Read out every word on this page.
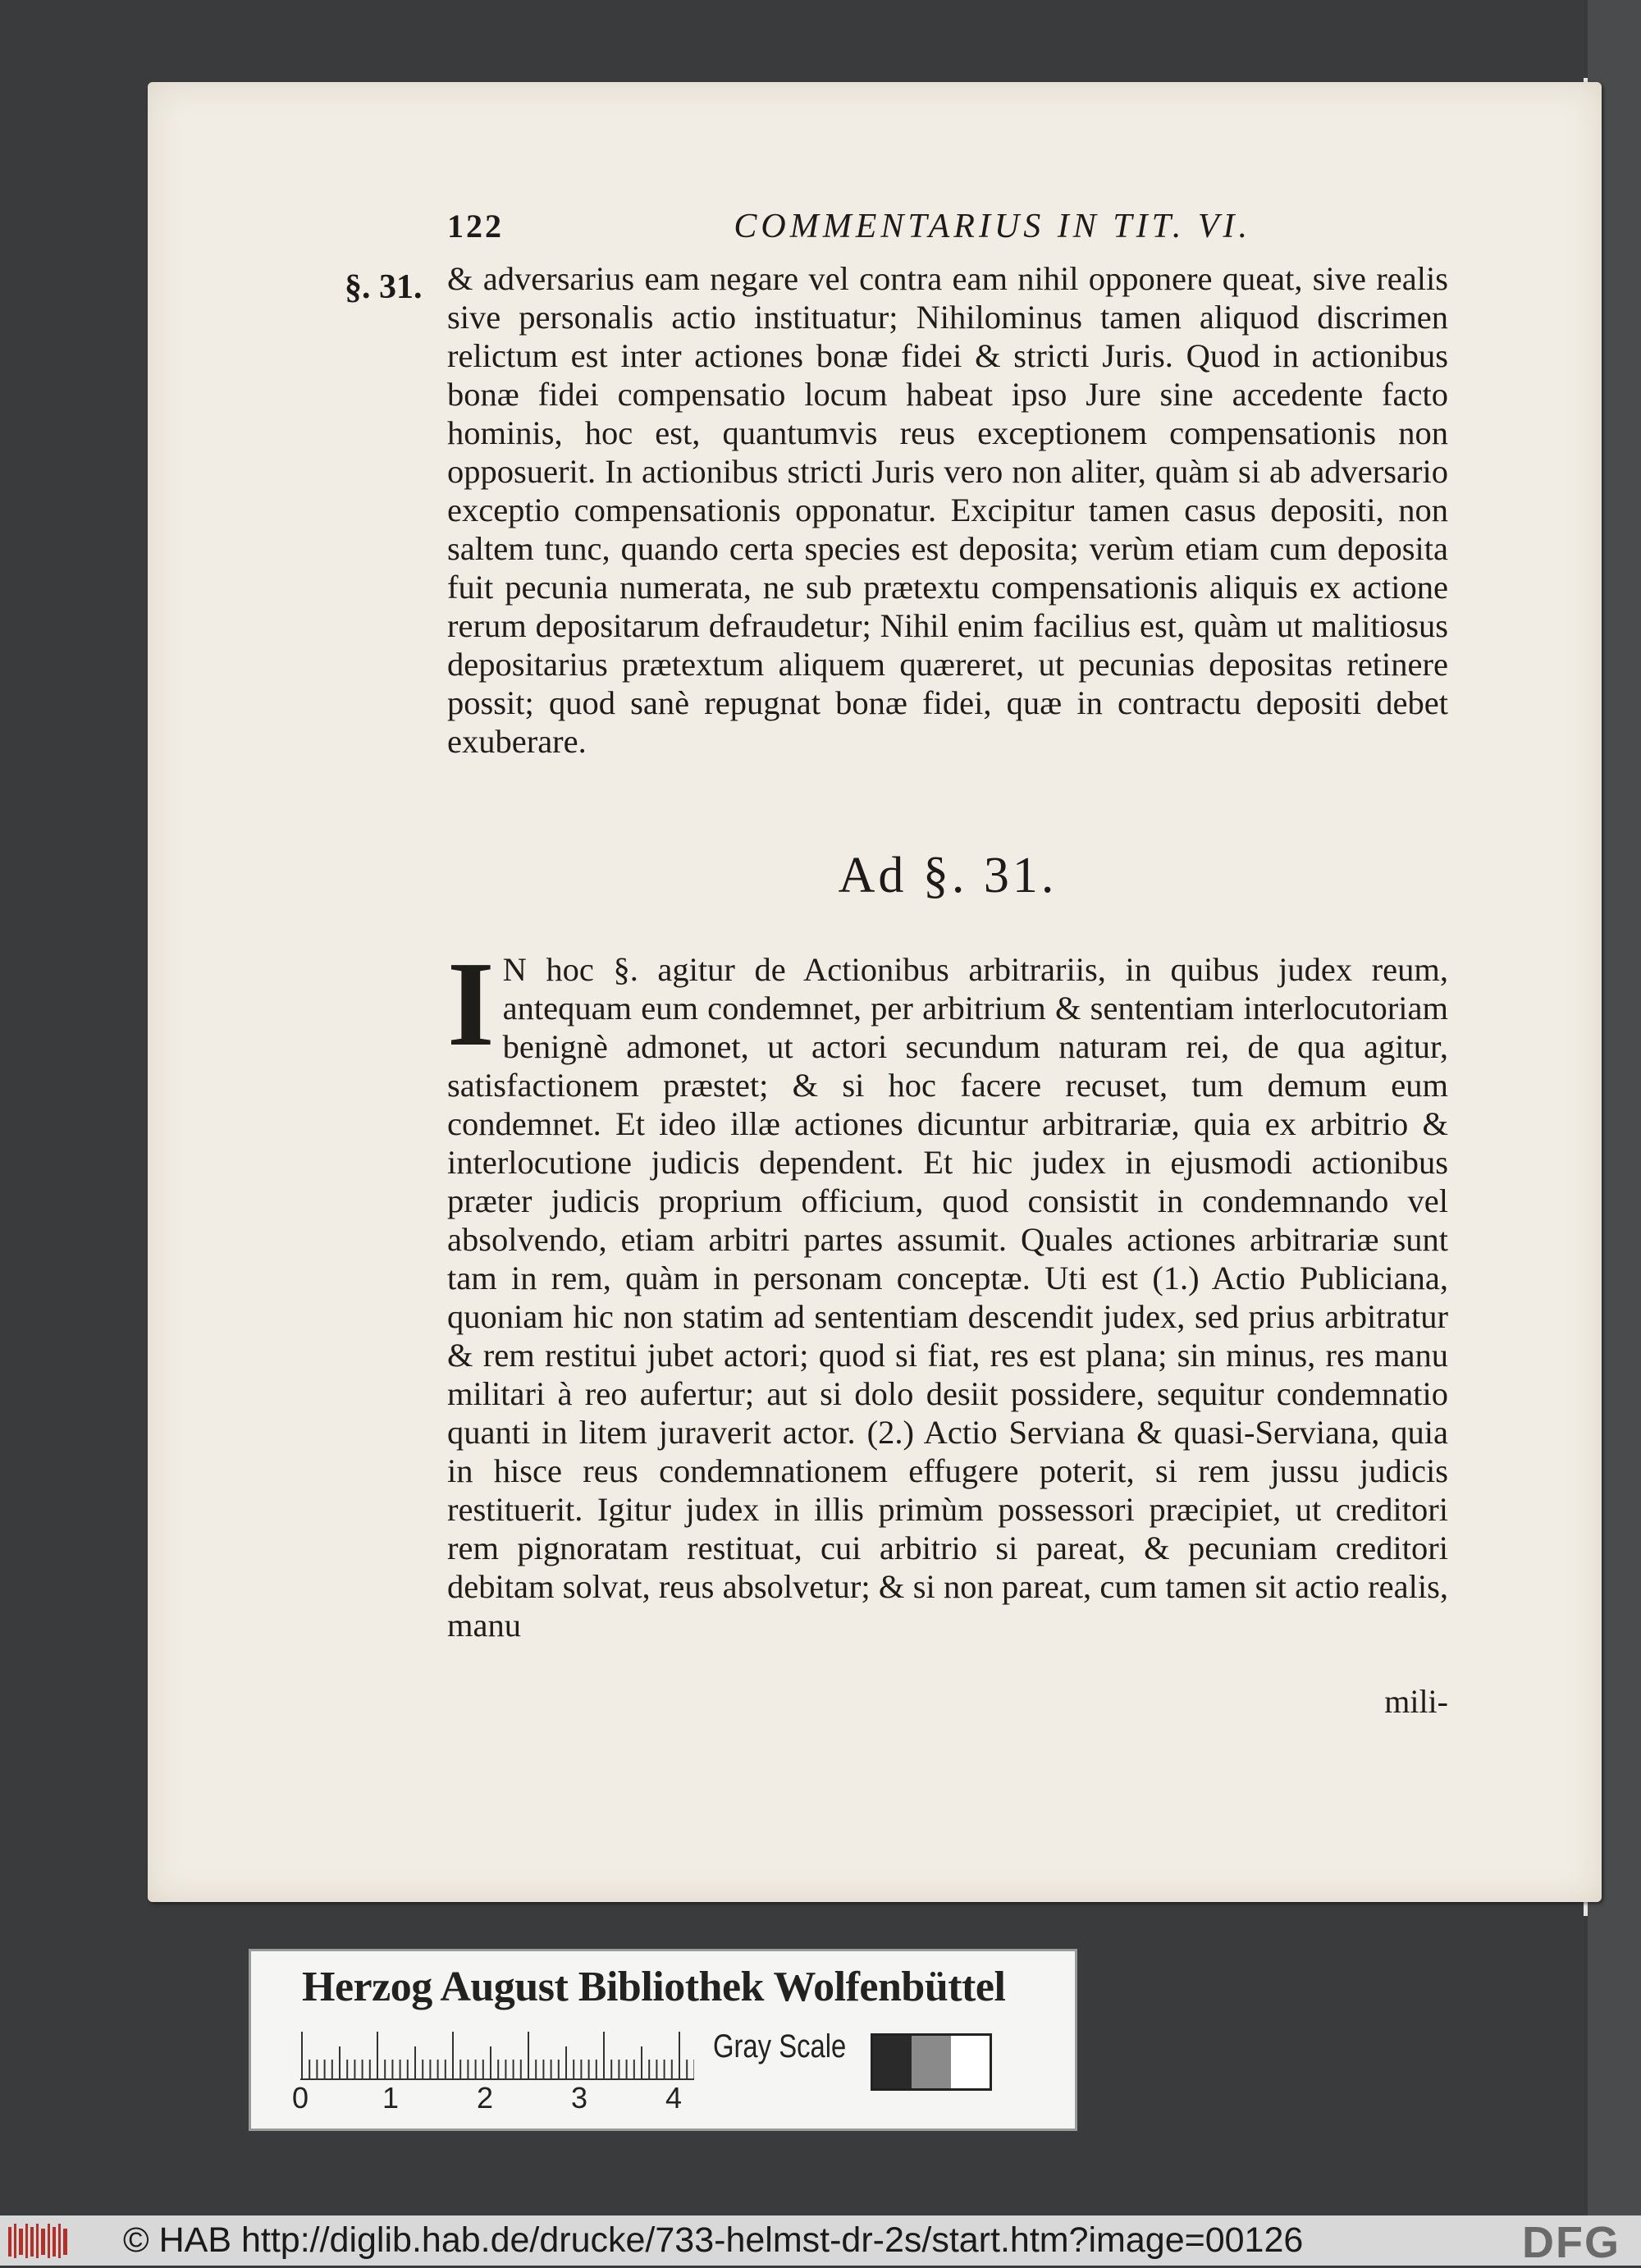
122	COMMENTARIUS IN TIT. VI.
§. 31. & adversarius eam negare vel contra eam nihil opponere queat, sive realis sive personalis actio instituatur; Nihilominus tamen aliquod discrimen relictum est inter actiones bonæ fidei & stricti Juris. Quod in actionibus bonæ fidei compensatio locum habeat ipso Jure sine accedente facto hominis, hoc est, quantumvis reus exceptionem compensationis non opposuerit. In actionibus stricti Juris vero non aliter, quàm si ab adversario exceptio compensationis opponatur. Excipitur tamen casus depositi, non saltem tunc, quando certa species est deposita; verùm etiam cum deposita fuit pecunia numerata, ne sub prætextu compensationis aliquis ex actione rerum depositarum defraudetur; Nihil enim facilius est, quàm ut malitiosus depositarius prætextum aliquem quæreret, ut pecunias depositas retinere possit; quod sanè repugnat bonæ fidei, quæ in contractu depositi debet exuberare.

Ad §. 31.
I N hoc §. agitur de Actionibus arbitrariis, in quibus judex reum, antequam eum condemnet, per arbitrium & sententiam interlocutoriam benignè admonet, ut actori secundum naturam rei, de qua agitur, satisfactionem præstet; & si hoc facere recuset, tum demum eum condemnet. Et ideo illæ actiones dicuntur arbitrariæ, quia ex arbitrio & interlocutione judicis dependent. Et hic judex in ejusmodi actionibus præter judicis proprium officium, quod consistit in condemnando vel absolvendo, etiam arbitri partes assumit. Quales actiones arbitrariæ sunt tam in rem, quàm in personam conceptæ. Uti est (1.) Actio Publiciana, quoniam hic non statim ad sententiam descendit judex, sed prius arbitratur & rem restitui jubet actori; quod si fiat, res est plana; sin minus, res manu militari à reo aufertur; aut si dolo desiit possidere, sequitur condemnatio quanti in litem juraverit actor. (2.) Actio Serviana & quasi-Serviana, quia in hisce reus condemnationem effugere poterit, si rem jussu judicis restituerit. Igitur judex in illis primùm possessori præcipiet, ut creditori rem pignoratam restituat, cui arbitrio si pareat, & pecuniam creditori debitam solvat, reus absolvetur; & si non pareat, cum tamen sit actio realis, manu

mili-
Herzog August Bibliothek Wolfenbüttel
0 1	2	3	4
Gray Scale
© HAB http://diglib.hab.de/drucke/733-helmst-dr-2s/start.htm?image=00126	DFG
